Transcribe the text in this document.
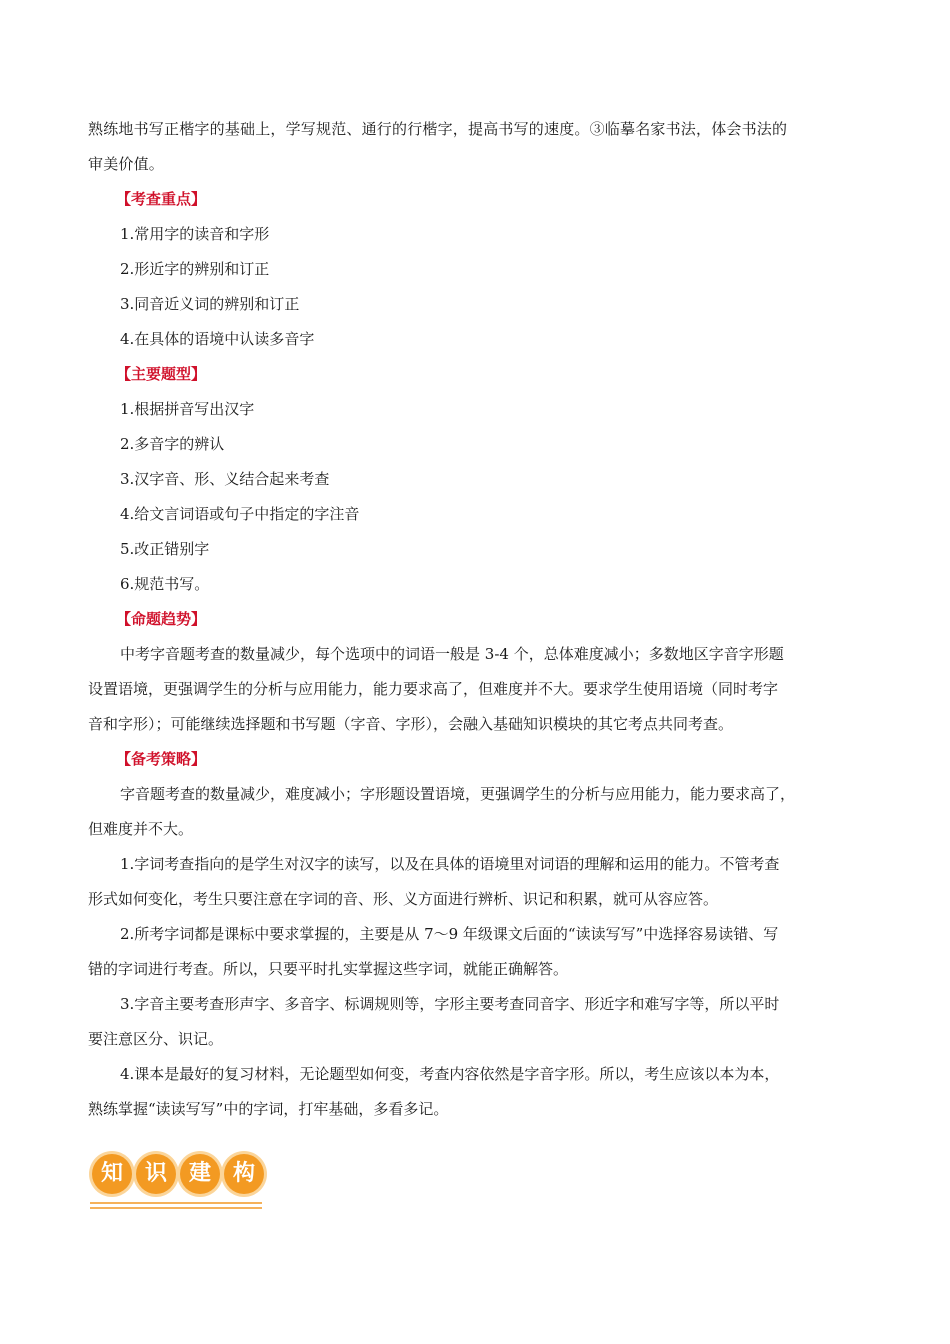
熟练地书写正楷字的基础上，学写规范、通行的行楷字，提高书写的速度。③临摹名家书法，体会书法的

审美价值。

【考查重点】

1.常用字的读音和字形

2.形近字的辨别和订正

3.同音近义词的辨别和订正

4.在具体的语境中认读多音字

【主要题型】

1.根据拼音写出汉字

2.多音字的辨认

3.汉字音、形、义结合起来考查

4.给文言词语或句子中指定的字注音

5.改正错别字

6.规范书写。

【命题趋势】

中考字音题考查的数量减少，每个选项中的词语一般是 3-4 个，总体难度减小；多数地区字音字形题

设置语境，更强调学生的分析与应用能力，能力要求高了，但难度并不大。要求学生使用语境（同时考字

音和字形）；可能继续选择题和书写题（字音、字形），会融入基础知识模块的其它考点共同考查。

【备考策略】

字音题考查的数量减少，难度减小；字形题设置语境，更强调学生的分析与应用能力，能力要求高了，

但难度并不大。

1.字词考查指向的是学生对汉字的读写，以及在具体的语境里对词语的理解和运用的能力。不管考查

形式如何变化，考生只要注意在字词的音、形、义方面进行辨析、识记和积累，就可从容应答。

2.所考字词都是课标中要求掌握的，主要是从 7～9 年级课文后面的“读读写写”中选择容易读错、写

错的字词进行考查。所以，只要平时扎实掌握这些字词，就能正确解答。

3.字音主要考查形声字、多音字、标调规则等，字形主要考查同音字、形近字和难写字等，所以平时

要注意区分、识记。

4.课本是最好的复习材料，无论题型如何变，考查内容依然是字音字形。所以，考生应该以本为本，

熟练掌握“读读写写”中的字词，打牢基础，多看多记。

知 识 建 构
